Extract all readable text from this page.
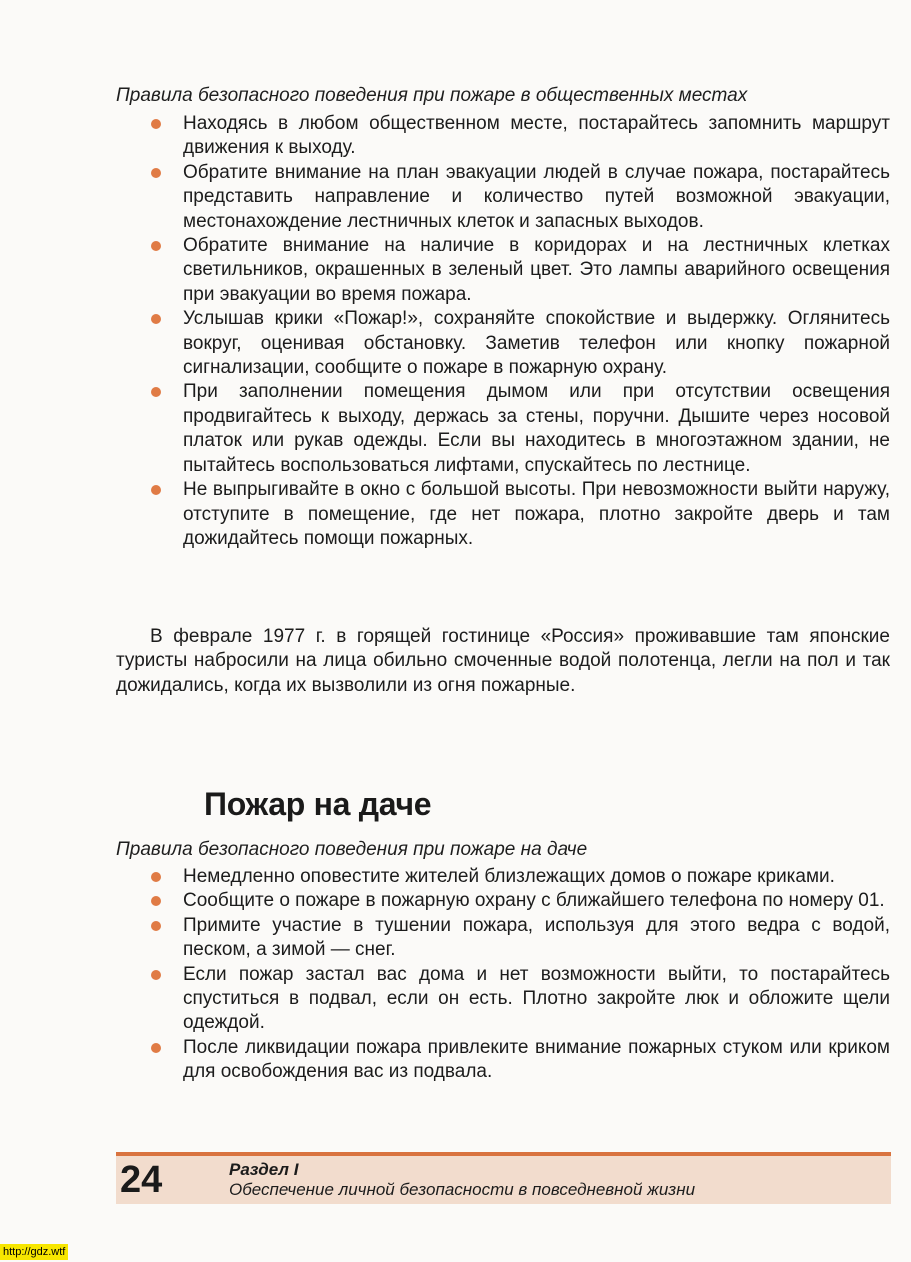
Правила безопасного поведения при пожаре в общественных местах
Находясь в любом общественном месте, постарайтесь запомнить маршрут движения к выходу.
Обратите внимание на план эвакуации людей в случае пожара, постарайтесь представить направление и количество путей возможной эвакуации, местонахождение лестничных клеток и запасных выходов.
Обратите внимание на наличие в коридорах и на лестничных клетках светильников, окрашенных в зеленый цвет. Это лампы аварийного освещения при эвакуации во время пожара.
Услышав крики «Пожар!», сохраняйте спокойствие и выдержку. Оглянитесь вокруг, оценивая обстановку. Заметив телефон или кнопку пожарной сигнализации, сообщите о пожаре в пожарную охрану.
При заполнении помещения дымом или при отсутствии освещения продвигайтесь к выходу, держась за стены, поручни. Дышите через носовой платок или рукав одежды. Если вы находитесь в многоэтажном здании, не пытайтесь воспользоваться лифтами, спускайтесь по лестнице.
Не выпрыгивайте в окно с большой высоты. При невозможности выйти наружу, отступите в помещение, где нет пожара, плотно закройте дверь и там дожидайтесь помощи пожарных.

В феврале 1977 г. в горящей гостинице «Россия» проживавшие там японские туристы набросили на лица обильно смоченные водой полотенца, легли на пол и так дожидались, когда их вызволили из огня пожарные.

Пожар на даче
Правила безопасного поведения при пожаре на даче
Немедленно оповестите жителей близлежащих домов о пожаре криками.
Сообщите о пожаре в пожарную охрану с ближайшего телефона по номеру 01.
Примите участие в тушении пожара, используя для этого ведра с водой, песком, а зимой — снег.
Если пожар застал вас дома и нет возможности выйти, то постарайтесь спуститься в подвал, если он есть. Плотно закройте люк и обложите щели одеждой.
После ликвидации пожара привлеките внимание пожарных стуком или криком для освобождения вас из подвала.
24	Раздел I
Обеспечение личной безопасности в повседневной жизни
http://gdz.wtf
